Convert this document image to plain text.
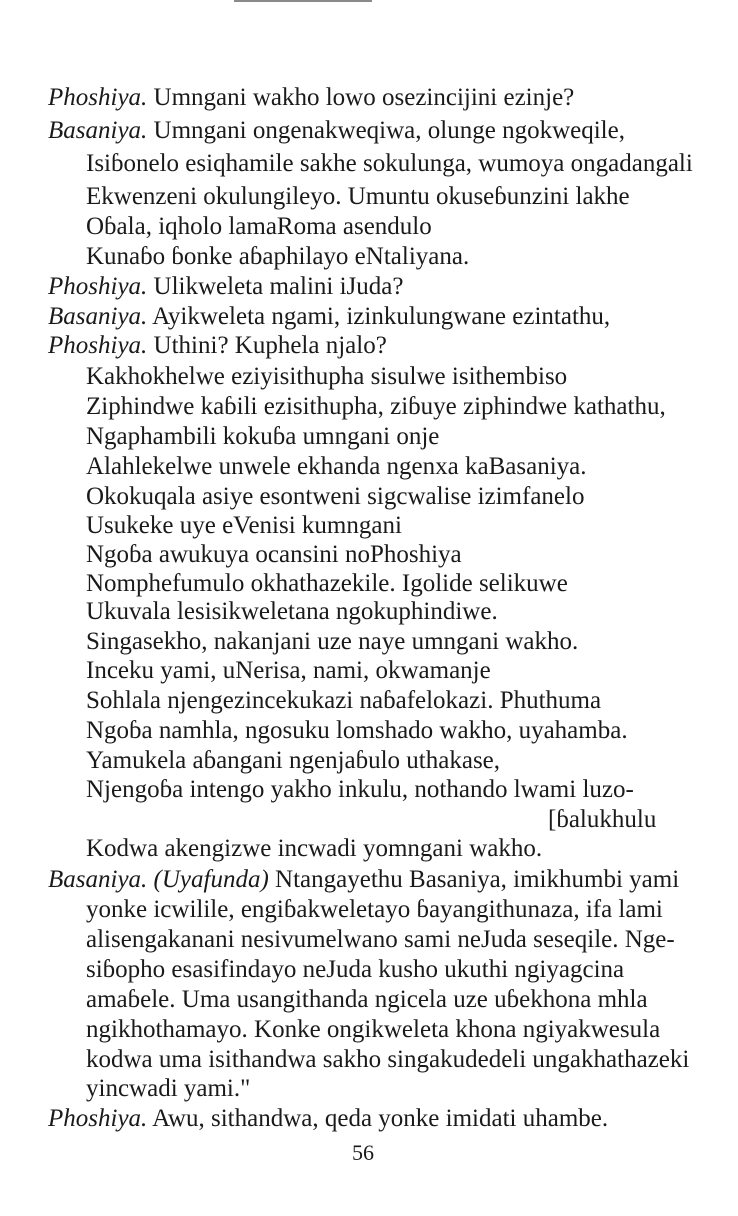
Phoshiya. Umngani wakho lowo osezincijini ezinje?
Basaniya. Umngani ongenakweqiwa, olunge ngokweqile,
Isiɓonelo esiqhamile sakhe sokulunga, wumoya ongadangali
Ekwenzeni okulungileyo. Umuntu okuseɓunzini lakhe
Oɓala, iqholo lamaRoma asendulo
Kunaɓo ɓonke aɓaphilayo eNtaliyana.
Phoshiya. Ulikweleta malini iJuda?
Basaniya. Ayikweleta ngami, izinkulungwane ezintathu,
Phoshiya. Uthini? Kuphela njalo?
Kakhokhelwe eziyisithupha sisulwe isithembiso
Ziphindwe kaɓili ezisithupha, ziɓuye ziphindwe kathathu,
Ngaphambili kokuɓa umngani onje
Alahlekelwe unwele ekhanda ngenxa kaBasaniya.
Okokuqala asiye esontweni sigcwalise izimfanelo
Usukeke uye eVenisi kumngani
Ngoɓa awukuya ocansini noPhoshiya
Nomphefumulo okhathazekile. Igolide selikuwe
Ukuvala lesisikweletana ngokuphindiwe.
Singasekho, nakanjani uze naye umngani wakho.
Inceku yami, uNerisa, nami, okwamanje
Sohlala njengezincekukazi naɓafelokazi. Phuthuma
Ngoɓa namhla, ngosuku lomshado wakho, uyahamba.
Yamukela aɓangani ngenjaɓulo uthakase,
Njengoɓa intengo yakho inkulu, nothando lwami luzo-
[ɓalukhulu
Kodwa akengizwe incwadi yomngani wakho.
Basaniya. (Uyafunda) Ntangayethu Basaniya, imikhumbi yami
yonke icwilile, engiɓakweletayo ɓayangithunaza, ifa lami
alisengakanani nesivumelwano sami neJuda seseqile. Nge-
siɓopho esasifindayo neJuda kusho ukuthi ngiyagcina
amaɓele. Uma usangithanda ngicela uze uɓekhona mhla
ngikhothamayo. Konke ongikweleta khona ngiyakwesula
kodwa uma isithandwa sakho singakudedeli ungakhathazeki
yincwadi yami."
Phoshiya. Awu, sithandwa, qeda yonke imidati uhambe.
56
